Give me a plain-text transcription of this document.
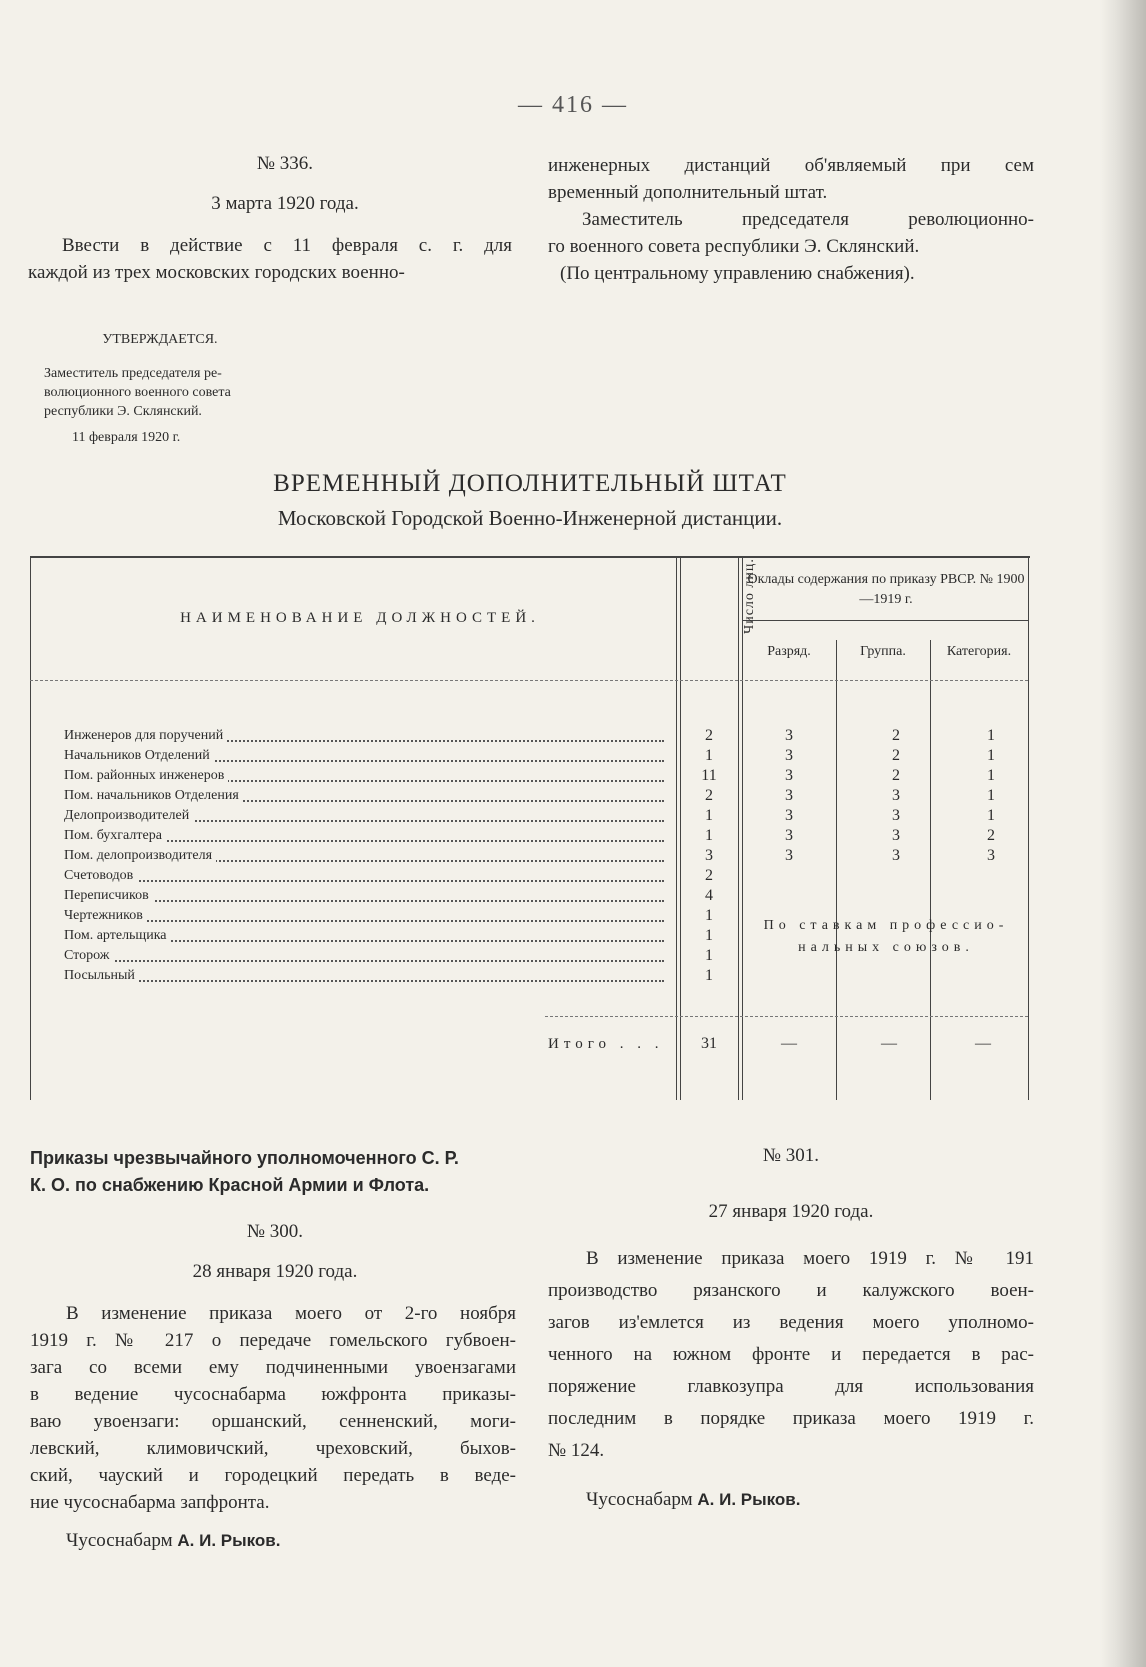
— 416 —
№ 336.
3 марта 1920 года.
Ввести в действие с 11 февраля с. г. для
каждой из трех московских городских военно-
инженерных дистанций об'являемый при сем
временный дополнительный штат.
Заместитель председателя революционно-
го военного совета республики Э. Склянский.
(По центральному управлению снабжения).
УТВЕРЖДАЕТСЯ.
Заместитель председателя ре-
волюционного военного совета
республики Э. Склянский.
11 февраля 1920 г.
ВРЕМЕННЫЙ ДОПОЛНИТЕЛЬНЫЙ ШТАТ
Московской Городской Военно-Инженерной дистанции.
НАИМЕНОВАНИЕ ДОЛЖНОСТЕЙ.	Число лиц.
Оклады содержания по приказу РВСР. № 1900—1919 г.
Разряд.	Группа.	Категория.
Инженеров для поручений	2	3	2	1
Начальников Отделений	1	3	2	1
Пом. районных инженеров	11	3	2	1
Пом. начальников Отделения	2	3	3	1
Делопроизводителей	1	3	3	1
Пом. бухгалтера	1	3	3	2
Пом. делопроизводителя	3	3	3	3
Счетоводов	2
Переписчиков	4
Чертежников	1
Пом. артельщика	1
Сторож	1
Посыльный	1
По ставкам профессио-
нальных союзов.
Итого . . .	31	—	—	—
Приказы чрезвычайного уполномоченного С. Р.
К. О. по снабжению Красной Армии и Флота.
№ 300.
28 января 1920 года.
В изменение приказа моего от 2-го ноября
1919 г. № 217 о передаче гомельского губвоен-
зага со всеми ему подчиненными увоензагами
в ведение чусоснабарма южфронта приказы-
ваю увоензаги: оршанский, сенненский, моги-
левский, климовичский, чреховский, быхов-
ский, чауский и городецкий передать в веде-
ние чусоснабарма запфронта.
Чусоснабарм А. И. Рыков.
№ 301.
27 января 1920 года.
В изменение приказа моего 1919 г. № 191
производство рязанского и калужского воен-
загов из'емлется из ведения моего уполномо-
ченного на южном фронте и передается в рас-
поряжение главкозупра для использования
последним в порядке приказа моего 1919 г.
№ 124.
Чусоснабарм А. И. Рыков.
